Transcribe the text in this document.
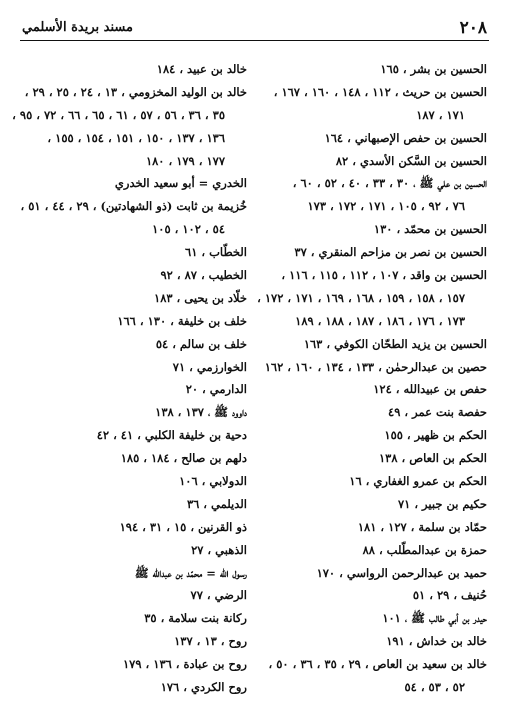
٢٠٨
مسند بريدة الأسلمي
الحسين بن بشر ، ١٦٥
الحسين بن حريث ، ١١٢ ، ١٤٨ ، ١٦٠ ، ١٦٧ ،
١٧١ ، ١٨٧
الحسين بن حفص الإصبهاني ، ١٦٤
الحسين بن السَّكن الأسدي ، ٨٢
الحسين بن علي ﷺ ، ٣٠ ، ٣٣ ، ٤٠ ، ٥٢ ، ٦٠ ،
٧٦ ، ٩٢ ، ١٠٥ ، ١٧١ ، ١٧٢ ، ١٧٣
الحسين بن محمّد ، ١٣٠
الحسين بن نصر بن مزاحم المنقري ، ٣٧
الحسين بن واقد ، ١٠٧ ، ١١٢ ، ١١٥ ، ١١٦ ،
١٥٧ ، ١٥٨ ، ١٥٩ ، ١٦٨ ، ١٦٩ ، ١٧١ ، ١٧٢ ،
١٧٣ ، ١٧٦ ، ١٨٦ ، ١٨٧ ، ١٨٨ ، ١٨٩
الحسين بن يزيد الطحّان الكوفي ، ١٦٣
حصين بن عبدالرحمٰن ، ١٣٣ ، ١٣٤ ، ١٦٠ ، ١٦٢
حفص بن عبيدالله ، ١٢٤
حفصة بنت عمر ، ٤٩
الحكم بن ظهير ، ١٥٥
الحكم بن العاص ، ١٣٨
الحكم بن عمرو الغفاري ، ١٦
حكيم بن جبير ، ٧١
حمّاد بن سلمة ، ١٢٧ ، ١٨١
حمزة بن عبدالمطّلب ، ٨٨
حميد بن عبدالرحمن الرواسي ، ١٧٠
حُنيف ، ٢٩ ، ٥١
حيدر بن أبي طالب ﷺ ، ١٠١
خالد بن خداش ، ١٩١
خالد بن سعيد بن العاص ، ٢٩ ، ٣٥ ، ٣٦ ، ٥٠ ،
٥٢ ، ٥٣ ، ٥٤
خالد بن عبيد ، ١٨٤
خالد بن الوليد المخزومي ، ١٣ ، ٢٤ ، ٢٥ ، ٢٩ ،
٣٥ ، ٣٦ ، ٥٦ ، ٥٧ ، ٦١ ، ٦٥ ، ٦٦ ، ٧٢ ، ٩٥ ،
١٣٦ ، ١٣٧ ، ١٥٠ ، ١٥١ ، ١٥٤ ، ١٥٥ ،
١٧٧ ، ١٧٩ ، ١٨٠
الخدري = أبو سعيد الخدري
خُزيمة بن ثابت (ذو الشهادتين) ، ٢٩ ، ٤٤ ، ٥١ ،
٥٤ ، ١٠٢ ، ١٠٥
الخطّاب ، ٦١
الخطيب ، ٨٧ ، ٩٢
خلّاد بن يحيى ، ١٨٣
خلف بن خليفة ، ١٣٠ ، ١٦٦
خلف بن سالم ، ٥٤
الخوارزمي ، ٧١
الدارمي ، ٢٠
داوود ﷺ ، ١٣٧ ، ١٣٨
دحية بن خليفة الكلبي ، ٤١ ، ٤٢
دلهم بن صالح ، ١٨٤ ، ١٨٥
الدولابي ، ١٠٦
الديلمي ، ٣٦
ذو القرنين ، ١٥ ، ٣١ ، ١٩٤
الذهبي ، ٢٧
رسول الله = محمّد بن عبدالله ﷺ
الرضي ، ٧٧
ركانة بنت سلامة ، ٣٥
روح ، ١٣ ، ١٣٧
روح بن عبادة ، ١٣٦ ، ١٧٩
روح الكردي ، ١٧٦
